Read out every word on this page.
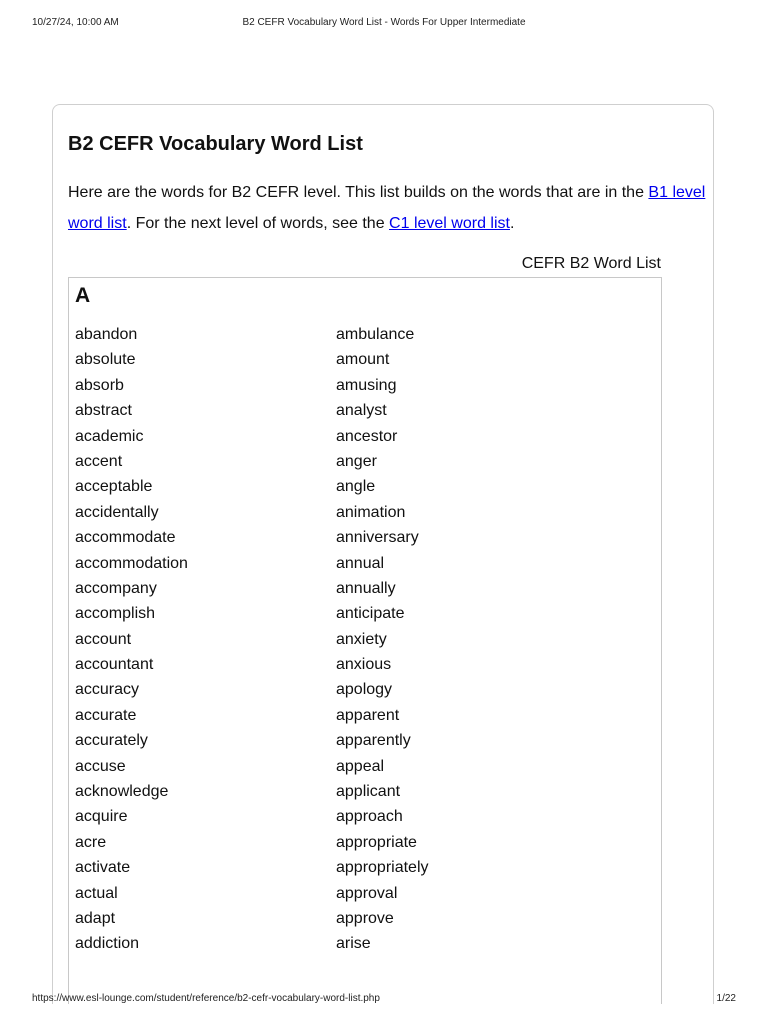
10/27/24, 10:00 AM	B2 CEFR Vocabulary Word List - Words For Upper Intermediate
B2 CEFR Vocabulary Word List

Here are the words for B2 CEFR level. This list builds on the words that are in the B1 level word list. For the next level of words, see the C1 level word list.

CEFR B2 Word List
A
abandon
absolute
absorb
abstract
academic
accent
acceptable
accidentally
accommodate
accommodation
accompany
accomplish
account
accountant
accuracy
accurate
accurately
accuse
acknowledge
acquire
acre
activate
actual
adapt
addiction
ambulance
amount
amusing
analyst
ancestor
anger
angle
animation
anniversary
annual
annually
anticipate
anxiety
anxious
apology
apparent
apparently
appeal
applicant
approach
appropriate
appropriately
approval
approve
arise
https://www.esl-lounge.com/student/reference/b2-cefr-vocabulary-word-list.php	1/22
